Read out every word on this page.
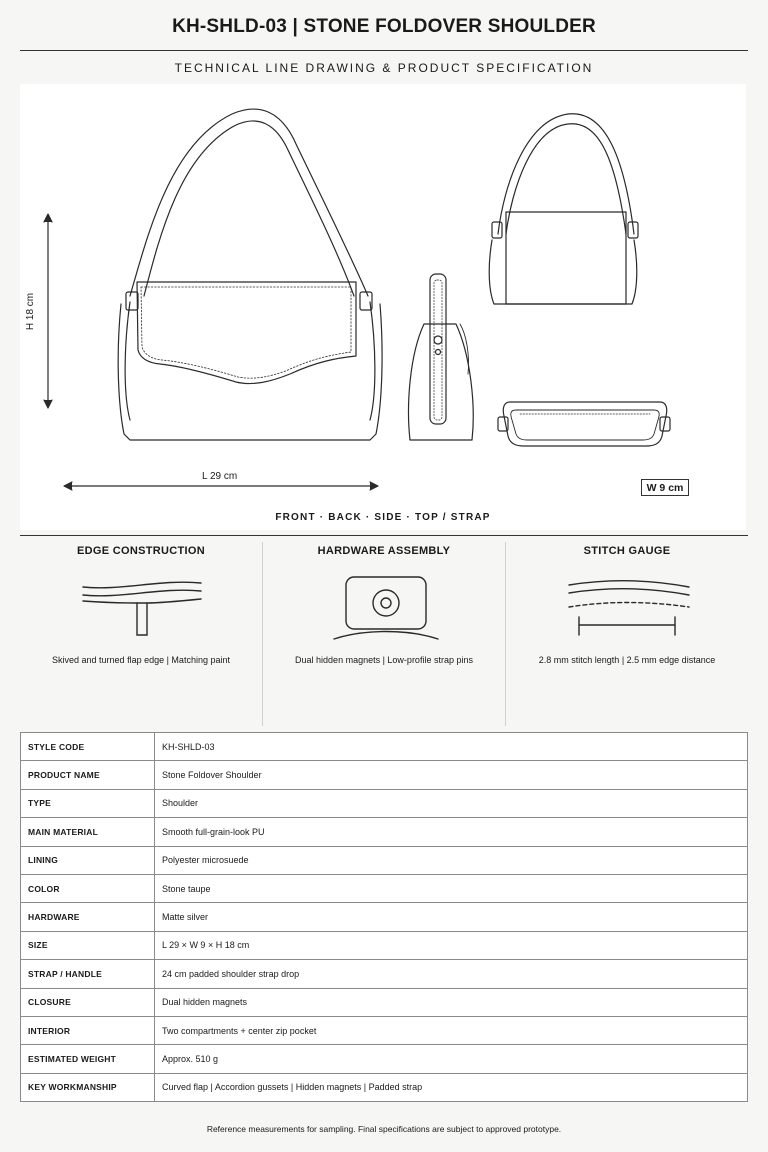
KH-SHLD-03 | STONE FOLDOVER SHOULDER
TECHNICAL LINE DRAWING & PRODUCT SPECIFICATION
H 18 cm
L 29 cm
W 9 cm
FRONT · BACK · SIDE · TOP / STRAP
EDGE CONSTRUCTION
Skived and turned flap edge | Matching paint
HARDWARE ASSEMBLY
Dual hidden magnets | Low-profile strap pins
STITCH GAUGE
2.8 mm stitch length | 2.5 mm edge distance
STYLE CODE	KH-SHLD-03
PRODUCT NAME	Stone Foldover Shoulder
TYPE	Shoulder
MAIN MATERIAL	Smooth full-grain-look PU
LINING	Polyester microsuede
COLOR	Stone taupe
HARDWARE	Matte silver
SIZE	L 29 × W 9 × H 18 cm
STRAP / HANDLE	24 cm padded shoulder strap drop
CLOSURE	Dual hidden magnets
INTERIOR	Two compartments + center zip pocket
ESTIMATED WEIGHT	Approx. 510 g
KEY WORKMANSHIP	Curved flap | Accordion gussets | Hidden magnets | Padded strap
Reference measurements for sampling. Final specifications are subject to approved prototype.
